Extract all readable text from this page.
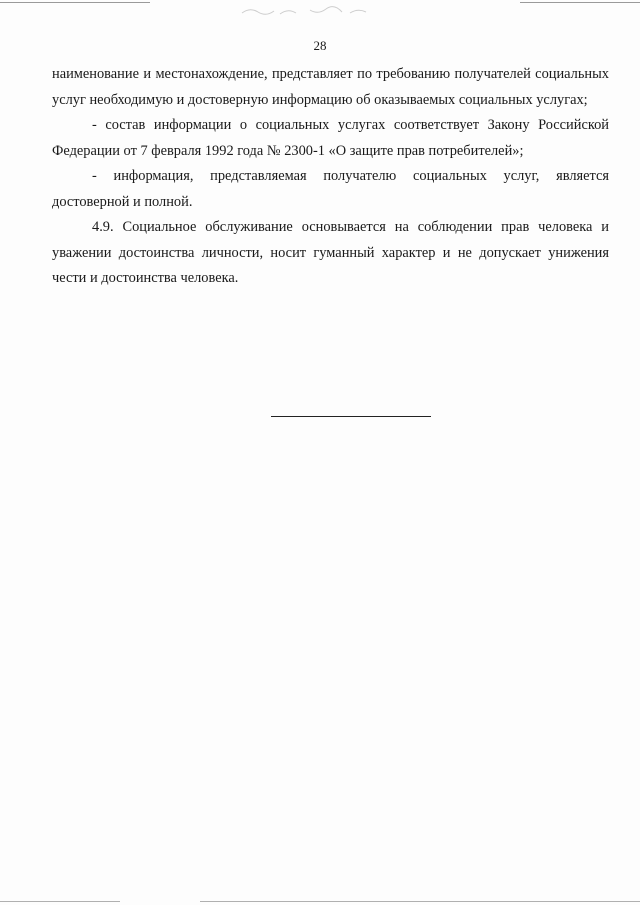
28

наименование и местонахождение, представляет по требованию получателей социальных услуг необходимую и достоверную информацию об оказываемых социальных услугах;

- состав информации о социальных услугах соответствует Закону Российской Федерации от 7 февраля 1992 года № 2300-1 «О защите прав потребителей»;

- информация, представляемая получателю социальных услуг, является достоверной и полной.

4.9. Социальное обслуживание основывается на соблюдении прав человека и уважении достоинства личности, носит гуманный характер и не допускает унижения чести и достоинства человека.
